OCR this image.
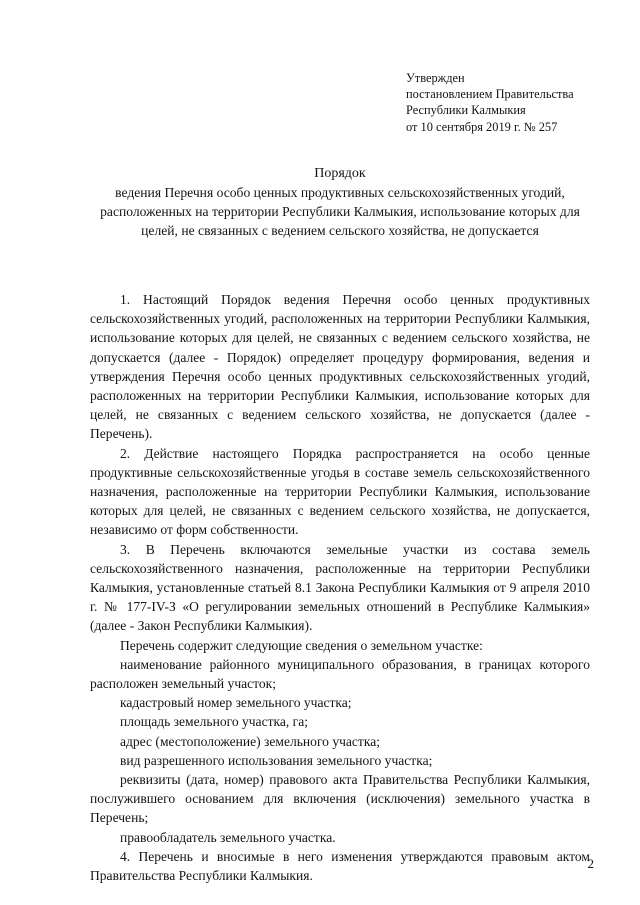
Утвержден
постановлением Правительства
Республики Калмыкия
от 10 сентября 2019 г. № 257
Порядок
ведения Перечня особо ценных продуктивных сельскохозяйственных угодий, расположенных на территории Республики Калмыкия, использование которых для целей, не связанных с ведением сельского хозяйства, не допускается

1. Настоящий Порядок ведения Перечня особо ценных продуктивных сельскохозяйственных угодий, расположенных на территории Республики Калмыкия, использование которых для целей, не связанных с ведением сельского хозяйства, не допускается (далее - Порядок) определяет процедуру формирования, ведения и утверждения Перечня особо ценных продуктивных сельскохозяйственных угодий, расположенных на территории Республики Калмыкия, использование которых для целей, не связанных с ведением сельского хозяйства, не допускается (далее - Перечень).

2. Действие настоящего Порядка распространяется на особо ценные продуктивные сельскохозяйственные угодья в составе земель сельскохозяйственного назначения, расположенные на территории Республики Калмыкия, использование которых для целей, не связанных с ведением сельского хозяйства, не допускается, независимо от форм собственности.

3. В Перечень включаются земельные участки из состава земель сельскохозяйственного назначения, расположенные на территории Республики Калмыкия, установленные статьей 8.1 Закона Республики Калмыкия от 9 апреля 2010 г. № 177-IV-З «О регулировании земельных отношений в Республике Калмыкия» (далее - Закон Республики Калмыкия).

Перечень содержит следующие сведения о земельном участке:

наименование районного муниципального образования, в границах которого расположен земельный участок;

кадастровый номер земельного участка;

площадь земельного участка, га;

адрес (местоположение) земельного участка;

вид разрешенного использования земельного участка;

реквизиты (дата, номер) правового акта Правительства Республики Калмыкия, послужившего основанием для включения (исключения) земельного участка в Перечень;

правообладатель земельного участка.

4. Перечень и вносимые в него изменения утверждаются правовым актом Правительства Республики Калмыкия.

2
